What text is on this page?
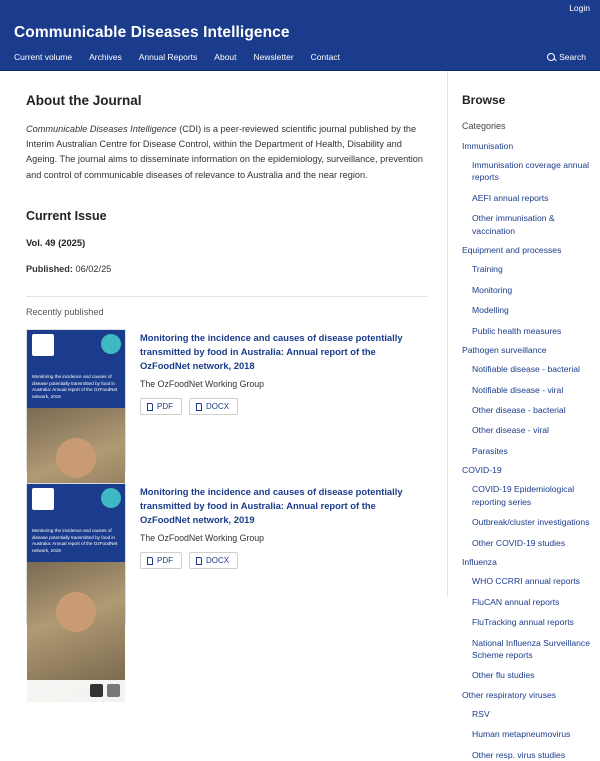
Login
Communicable Diseases Intelligence
Current volume Archives Annual Reports About Newsletter Contact	Search
About the Journal

Communicable Diseases Intelligence (CDI) is a peer-reviewed scientific journal published by the Interim Australian Centre for Disease Control, within the Department of Health, Disability and Ageing. The journal aims to disseminate information on the epidemiology, surveillance, prevention and control of communicable diseases of relevance to Australia and the near region.

Current Issue
Vol. 49 (2025)
Published: 06/02/25
Recently published
Monitoring the incidence and causes of disease potentially transmitted by food in Australia: Annual report of the OzFoodNet network, 2018
Monitoring the incidence and causes of disease potentially transmitted by food in Australia: Annual report of the OzFoodNet network, 2018
The OzFoodNet Working Group
PDF	DOCX
Monitoring the incidence and causes of disease potentially transmitted by food in Australia: Annual report of the OzFoodNet network, 2019
Monitoring the incidence and causes of disease potentially transmitted by food in Australia: Annual report of the OzFoodNet network, 2019
The OzFoodNet Working Group
PDF	DOCX
Browse
Categories
Immunisation
Immunisation coverage annual reports
AEFI annual reports
Other immunisation & vaccination
Equipment and processes
Training
Monitoring
Modelling
Public health measures
Pathogen surveillance
Notifiable disease - bacterial
Notifiable disease - viral
Other disease - bacterial
Other disease - viral
Parasites
COVID-19
COVID-19 Epidemiological reporting series
Outbreak/cluster investigations
Other COVID-19 studies
Influenza
WHO CCRRI annual reports
FluCAN annual reports
FluTracking annual reports
National Influenza Surveillance Scheme reports
Other flu studies
Other respiratory viruses
RSV
Human metapneumovirus
Other resp. virus studies
